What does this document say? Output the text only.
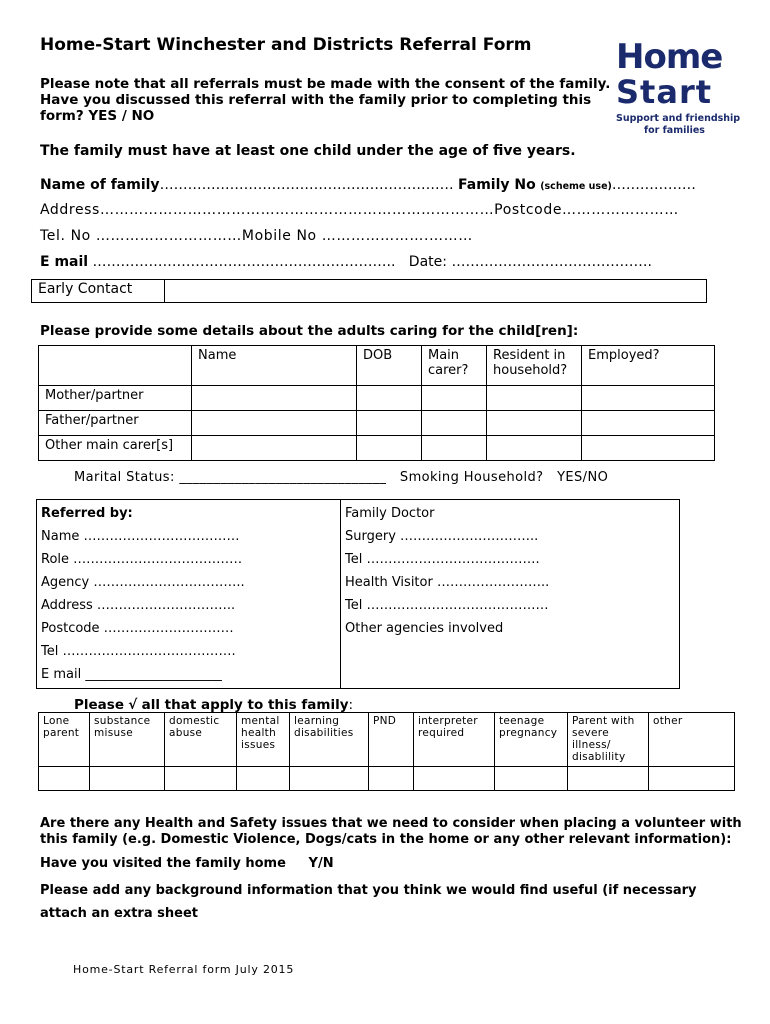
Home-Start Winchester and Districts Referral Form
Please note that all referrals must be made with the consent of the family.
Have you discussed this referral with the family prior to completing this
form? YES / NO
Home
Start
Support and friendship
for families
The family must have at least one child under the age of five years.
Name of family……………………………………………………… Family No (scheme use)………………
Address………………………………………………………………………Postcode……………………
Tel. No …………………………Mobile No ………………….………
E mail ……………………………………………………….. Date: …………………………………….
Early Contact	
Please provide some details about the adults caring for the child[ren]:
	Name	DOB	Main carer?	Resident in household?	Employed?
Mother/partner					
Father/partner					
Other main carer[s]					
Marital Status: ______________________________ Smoking Household? YES/NO
Referred by:
Name ………………………………
Role …………………………………
Agency ……………………………..
Address …………………………..
Postcode …………………………
Tel ………………………………….
E mail _____________________

Family Doctor
Surgery …………………………..
Tel ………………………………….
Health Visitor ……………………..
Tel ……………………………………
Other agencies involved
Please √ all that apply to this family:
Lone parent	substance misuse	domestic abuse	mental health issues	learning disabilities	PND	interpreter required	teenage pregnancy	Parent with severe illness/ disablility	other

Are there any Health and Safety issues that we need to consider when placing a volunteer with
this family (e.g. Domestic Violence, Dogs/cats in the home or any other relevant information):
Have you visited the family home Y/N
Please add any background information that you think we would find useful (if necessary
attach an extra sheet
Home-Start Referral form July 2015
